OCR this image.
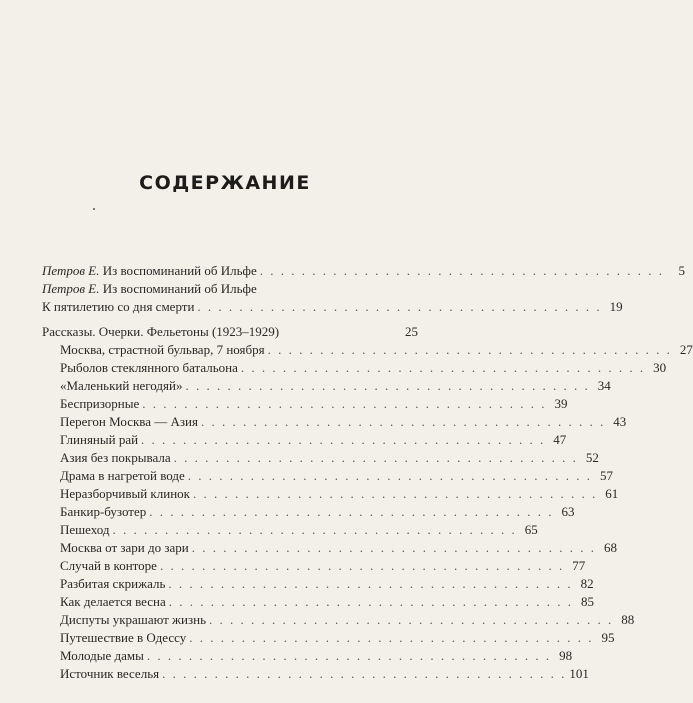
СОДЕРЖАНИЕ
Петров Е. Из воспоминаний об Ильфе . . . . . . . . . . . . . . . . . . . . . . . . . . . . . . . . . . . . . . .	5
Петров Е. Из воспоминаний об Ильфе
К пятилетию со дня смерти . . . . . . . . . . . . . . . . . . . . . . . . . . . . . . . . . . . . . . . 19
Рассказы. Очерки. Фельетоны (1923–1929)	25
Москва, страстной бульвар, 7 ноября . . . . . . . . . . . . . . . . . . . . . . . . . . . . . . . . . . . . . . . 27
Рыболов стеклянного батальона . . . . . . . . . . . . . . . . . . . . . . . . . . . . . . . . . . . . . . . 30
«Маленький негодяй» . . . . . . . . . . . . . . . . . . . . . . . . . . . . . . . . . . . . . . . 34
Беспризорные . . . . . . . . . . . . . . . . . . . . . . . . . . . . . . . . . . . . . . . 39
Перегон Москва — Азия . . . . . . . . . . . . . . . . . . . . . . . . . . . . . . . . . . . . . . . 43
Глиняный рай . . . . . . . . . . . . . . . . . . . . . . . . . . . . . . . . . . . . . . . 47
Азия без покрывала . . . . . . . . . . . . . . . . . . . . . . . . . . . . . . . . . . . . . . . 52
Драма в нагретой воде . . . . . . . . . . . . . . . . . . . . . . . . . . . . . . . . . . . . . . . 57
Неразборчивый клинок . . . . . . . . . . . . . . . . . . . . . . . . . . . . . . . . . . . . . . . 61
Банкир-бузотер . . . . . . . . . . . . . . . . . . . . . . . . . . . . . . . . . . . . . . . 63
Пешеход . . . . . . . . . . . . . . . . . . . . . . . . . . . . . . . . . . . . . . . 65
Москва от зари до зари . . . . . . . . . . . . . . . . . . . . . . . . . . . . . . . . . . . . . . . 68
Случай в конторе . . . . . . . . . . . . . . . . . . . . . . . . . . . . . . . . . . . . . . . 77
Разбитая скрижаль . . . . . . . . . . . . . . . . . . . . . . . . . . . . . . . . . . . . . . . 82
Как делается весна . . . . . . . . . . . . . . . . . . . . . . . . . . . . . . . . . . . . . . . 85
Диспуты украшают жизнь . . . . . . . . . . . . . . . . . . . . . . . . . . . . . . . . . . . . . . . 88
Путешествие в Одессу . . . . . . . . . . . . . . . . . . . . . . . . . . . . . . . . . . . . . . . 95
Молодые дамы . . . . . . . . . . . . . . . . . . . . . . . . . . . . . . . . . . . . . . . 98
Источник веселья . . . . . . . . . . . . . . . . . . . . . . . . . . . . . . . . . . . . . . . 101
